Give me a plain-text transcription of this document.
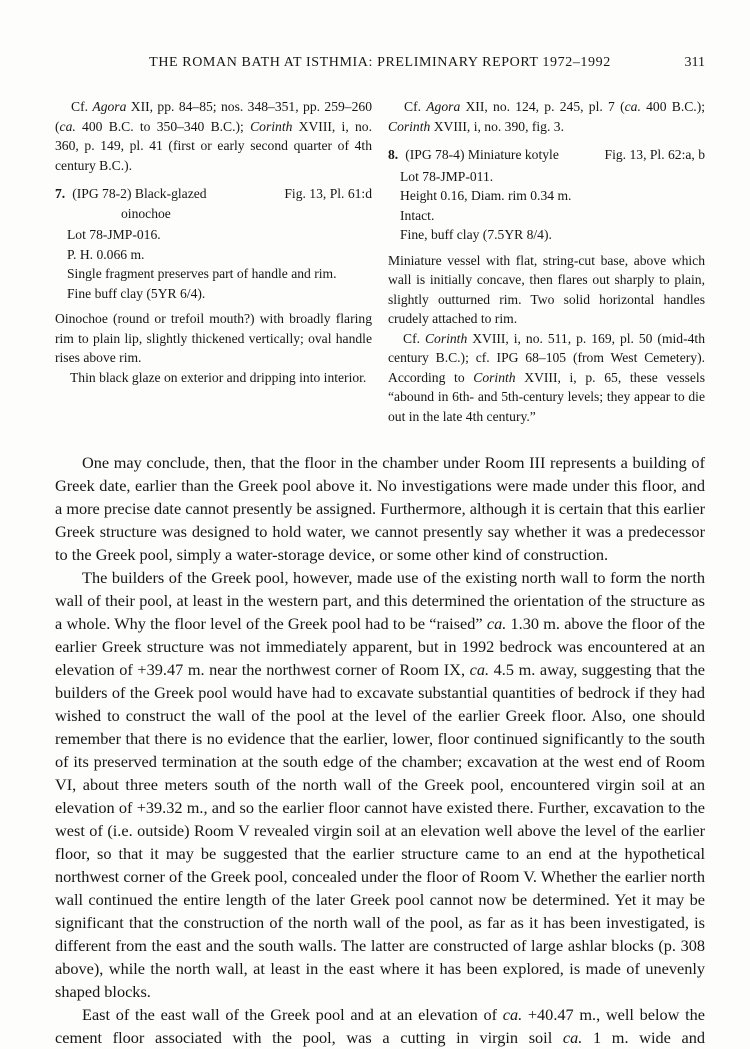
THE ROMAN BATH AT ISTHMIA: PRELIMINARY REPORT 1972–1992	311

Cf. Agora XII, pp. 84–85; nos. 348–351, pp. 259–260 (ca. 400 B.C. to 350–340 B.C.); Corinth XVIII, i, no. 360, p. 149, pl. 41 (first or early second quarter of 4th century B.C.).

7. (IPG 78-2) Black-glazed	Fig. 13, Pl. 61:d
oinochoe
Lot 78-JMP-016.
P. H. 0.066 m.
Single fragment preserves part of handle and rim.
Fine buff clay (5YR 6/4).

Oinochoe (round or trefoil mouth?) with broadly flaring rim to plain lip, slightly thickened vertically; oval handle rises above rim.

Thin black glaze on exterior and dripping into interior.

Cf. Agora XII, no. 124, p. 245, pl. 7 (ca. 400 B.C.); Corinth XVIII, i, no. 390, fig. 3.

8. (IPG 78-4) Miniature kotyle	Fig. 13, Pl. 62:a, b
Lot 78-JMP-011.
Height 0.16, Diam. rim 0.34 m.
Intact.
Fine, buff clay (7.5YR 8/4).

Miniature vessel with flat, string-cut base, above which wall is initially concave, then flares out sharply to plain, slightly outturned rim. Two solid horizontal handles crudely attached to rim.

Cf. Corinth XVIII, i, no. 511, p. 169, pl. 50 (mid-4th century B.C.); cf. IPG 68–105 (from West Cemetery). According to Corinth XVIII, i, p. 65, these vessels “abound in 6th- and 5th-century levels; they appear to die out in the late 4th century.”

One may conclude, then, that the floor in the chamber under Room III represents a building of Greek date, earlier than the Greek pool above it. No investigations were made under this floor, and a more precise date cannot presently be assigned. Furthermore, although it is certain that this earlier Greek structure was designed to hold water, we cannot presently say whether it was a predecessor to the Greek pool, simply a water-storage device, or some other kind of construction.

The builders of the Greek pool, however, made use of the existing north wall to form the north wall of their pool, at least in the western part, and this determined the orientation of the structure as a whole. Why the floor level of the Greek pool had to be “raised” ca. 1.30 m. above the floor of the earlier Greek structure was not immediately apparent, but in 1992 bedrock was encountered at an elevation of +39.47 m. near the northwest corner of Room IX, ca. 4.5 m. away, suggesting that the builders of the Greek pool would have had to excavate substantial quantities of bedrock if they had wished to construct the wall of the pool at the level of the earlier Greek floor. Also, one should remember that there is no evidence that the earlier, lower, floor continued significantly to the south of its preserved termination at the south edge of the chamber; excavation at the west end of Room VI, about three meters south of the north wall of the Greek pool, encountered virgin soil at an elevation of +39.32 m., and so the earlier floor cannot have existed there. Further, excavation to the west of (i.e. outside) Room V revealed virgin soil at an elevation well above the level of the earlier floor, so that it may be suggested that the earlier structure came to an end at the hypothetical northwest corner of the Greek pool, concealed under the floor of Room V. Whether the earlier north wall continued the entire length of the later Greek pool cannot now be determined. Yet it may be significant that the construction of the north wall of the pool, as far as it has been investigated, is different from the east and the south walls. The latter are constructed of large ashlar blocks (p. 308 above), while the north wall, at least in the east where it has been explored, is made of unevenly shaped blocks.

East of the east wall of the Greek pool and at an elevation of ca. +40.47 m., well below the cement floor associated with the pool, was a cutting in virgin soil ca. 1 m. wide and
